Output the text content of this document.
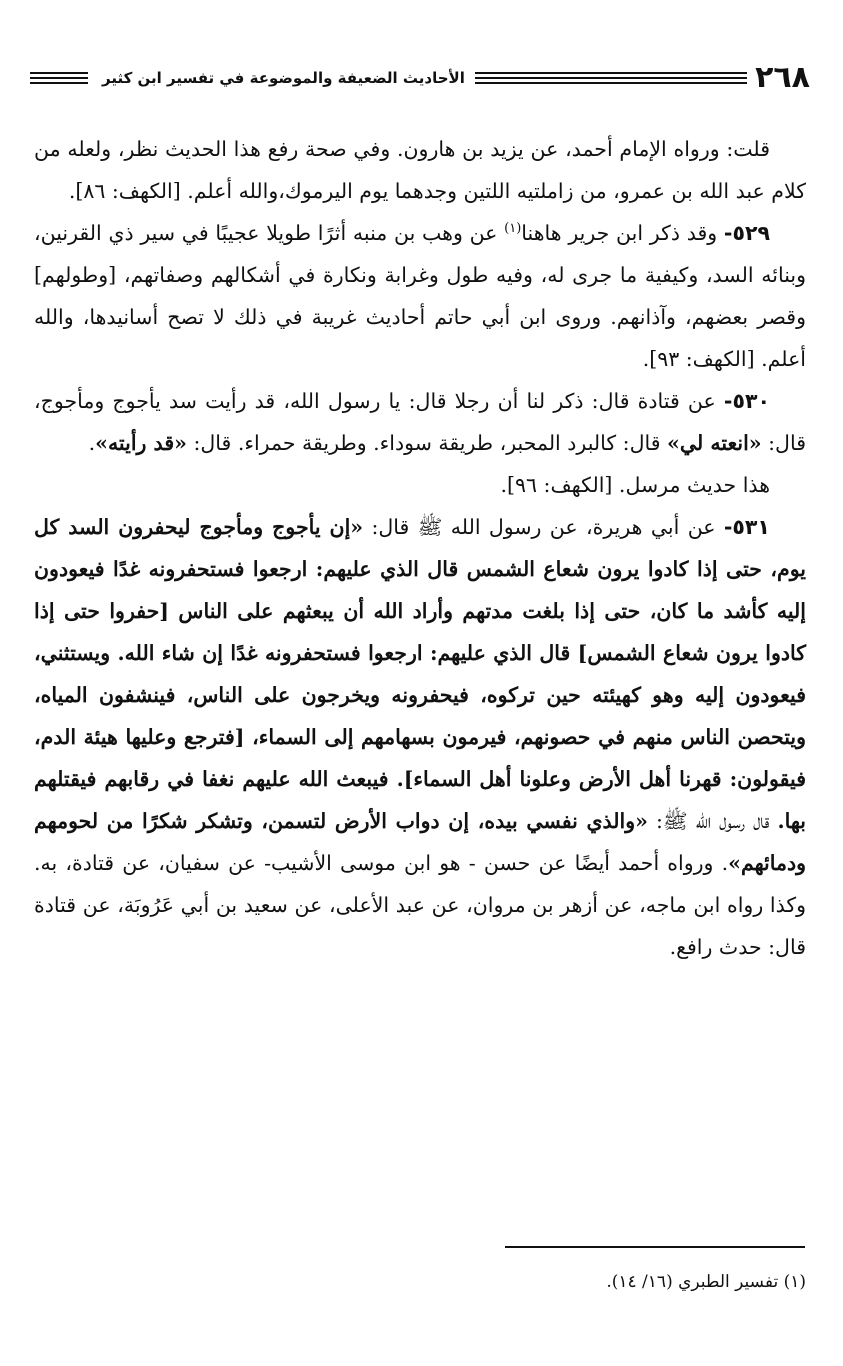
٢٦٨
الأحاديث الضعيفة والموضوعة في تفسير ابن كثير

قلت: ورواه الإمام أحمد، عن يزيد بن هارون. وفي صحة رفع هذا الحديث نظر، ولعله من كلام عبد الله بن عمرو، من زاملتيه اللتين وجدهما يوم اليرموك،والله أعلم. [الكهف: ٨٦].

٥٢٩- وقد ذكر ابن جرير هاهنا$^{(١)}$ عن وهب بن منبه أثرًا طويلا عجيبًا في سير ذي القرنين، وبنائه السد، وكيفية ما جرى له، وفيه طول وغرابة ونكارة في أشكالهم وصفاتهم، [وطولهم] وقصر بعضهم، وآذانهم. وروى ابن أبي حاتم أحاديث غريبة في ذلك لا تصح أسانيدها، والله أعلم. [الكهف: ٩٣].

٥٣٠- عن قتادة قال: ذكر لنا أن رجلا قال: يا رسول الله، قد رأيت سد يأجوج ومأجوج، قال: «انعته لي» قال: كالبرد المحبر، طريقة سوداء. وطريقة حمراء. قال: «قد رأيته».

هذا حديث مرسل. [الكهف: ٩٦].

٥٣١- عن أبي هريرة، عن رسول الله ﷺ قال: «إن يأجوج ومأجوج ليحفرون السد كل يوم، حتى إذا كادوا يرون شعاع الشمس قال الذي عليهم: ارجعوا فستحفرونه غدًا فيعودون إليه كأشد ما كان، حتى إذا بلغت مدتهم وأراد الله أن يبعثهم على الناس [حفروا حتى إذا كادوا يرون شعاع الشمس] قال الذي عليهم: ارجعوا فستحفرونه غدًا إن شاء الله. ويستثني، فيعودون إليه وهو كهيئته حين تركوه، فيحفرونه ويخرجون على الناس، فينشفون المياه، ويتحصن الناس منهم في حصونهم، فيرمون بسهامهم إلى السماء، [فترجع وعليها هيئة الدم، فيقولون: قهرنا أهل الأرض وعلونا أهل السماء]. فيبعث الله عليهم نغفا في رقابهم فيقتلهم بها. قال رسول الله ﷺ: «والذي نفسي بيده، إن دواب الأرض لتسمن، وتشكر شكرًا من لحومهم ودمائهم». ورواه أحمد أيضًا عن حسن - هو ابن موسى الأشيب- عن سفيان، عن قتادة، به. وكذا رواه ابن ماجه، عن أزهر بن مروان، عن عبد الأعلى، عن سعيد بن أبي عَرُوبَة، عن قتادة قال: حدث رافع.

(١) تفسير الطبري (١٦/ ١٤).
